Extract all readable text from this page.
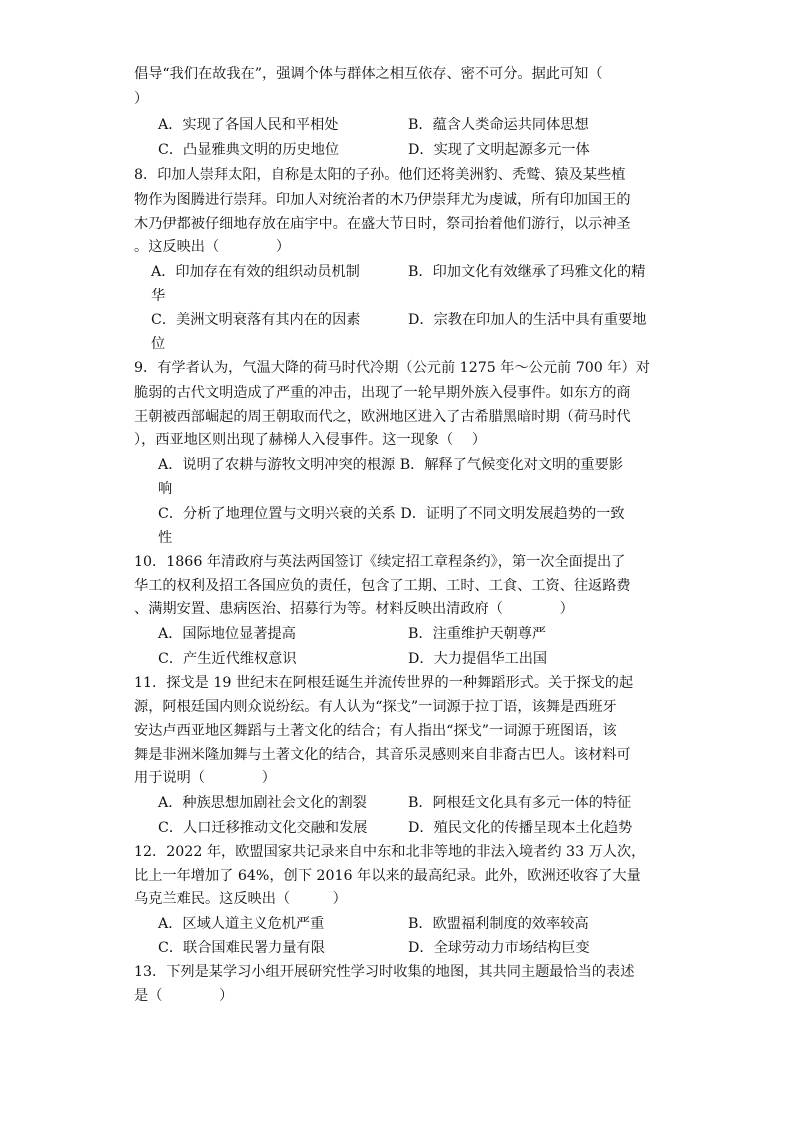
倡导“我们在故我在”，强调个体与群体之相互依存、密不可分。据此可知（
）
A．实现了各国人民和平相处	B．蕴含人类命运共同体思想
C．凸显雅典文明的历史地位	D．实现了文明起源多元一体
8．印加人崇拜太阳，自称是太阳的子孙。他们还将美洲豹、秃鹫、猿及某些植
物作为图腾进行崇拜。印加人对统治者的木乃伊崇拜尤为虔诚，所有印加国王的
木乃伊都被仔细地存放在庙宇中。在盛大节日时，祭司抬着他们游行，以示神圣
。这反映出（　　　　）
A．印加存在有效的组织动员机制	B．印加文化有效继承了玛雅文化的精
华
C．美洲文明衰落有其内在的因素	D．宗教在印加人的生活中具有重要地
位
9．有学者认为，气温大降的荷马时代冷期（公元前 1275 年～公元前 700 年）对
脆弱的古代文明造成了严重的冲击，出现了一轮早期外族入侵事件。如东方的商
王朝被西部崛起的周王朝取而代之，欧洲地区进入了古希腊黑暗时期（荷马时代
），西亚地区则出现了赫梯人入侵事件。这一现象（　 ）
A．说明了农耕与游牧文明冲突的根源 B．解释了气候变化对文明的重要影
响
C．分析了地理位置与文明兴衰的关系 D．证明了不同文明发展趋势的一致
性
10．1866 年清政府与英法两国签订《续定招工章程条约》，第一次全面提出了
华工的权利及招工各国应负的责任，包含了工期、工时、工食、工资、往返路费
、满期安置、患病医治、招募行为等。材料反映出清政府（　　　　）
A．国际地位显著提高	B．注重维护天朝尊严
C．产生近代维权意识	D．大力提倡华工出国
11．探戈是 19 世纪末在阿根廷诞生并流传世界的一种舞蹈形式。关于探戈的起
源，阿根廷国内则众说纷纭。有人认为“探戈”一词源于拉丁语，该舞是西班牙
安达卢西亚地区舞蹈与土著文化的结合；有人指出“探戈”一词源于班图语，该
舞是非洲米隆加舞与土著文化的结合，其音乐灵感则来自非裔古巴人。该材料可
用于说明（　　　　）
A．种族思想加剧社会文化的割裂	B．阿根廷文化具有多元一体的特征
C．人口迁移推动文化交融和发展	D．殖民文化的传播呈现本土化趋势
12．2022 年，欧盟国家共记录来自中东和北非等地的非法入境者约 33 万人次，
比上一年增加了 64%，创下 2016 年以来的最高纪录。此外，欧洲还收容了大量
乌克兰难民。这反映出（　　　）
A．区域人道主义危机严重	B．欧盟福利制度的效率较高
C．联合国难民署力量有限	D．全球劳动力市场结构巨变
13．下列是某学习小组开展研究性学习时收集的地图，其共同主题最恰当的表述
是（　　　　）
